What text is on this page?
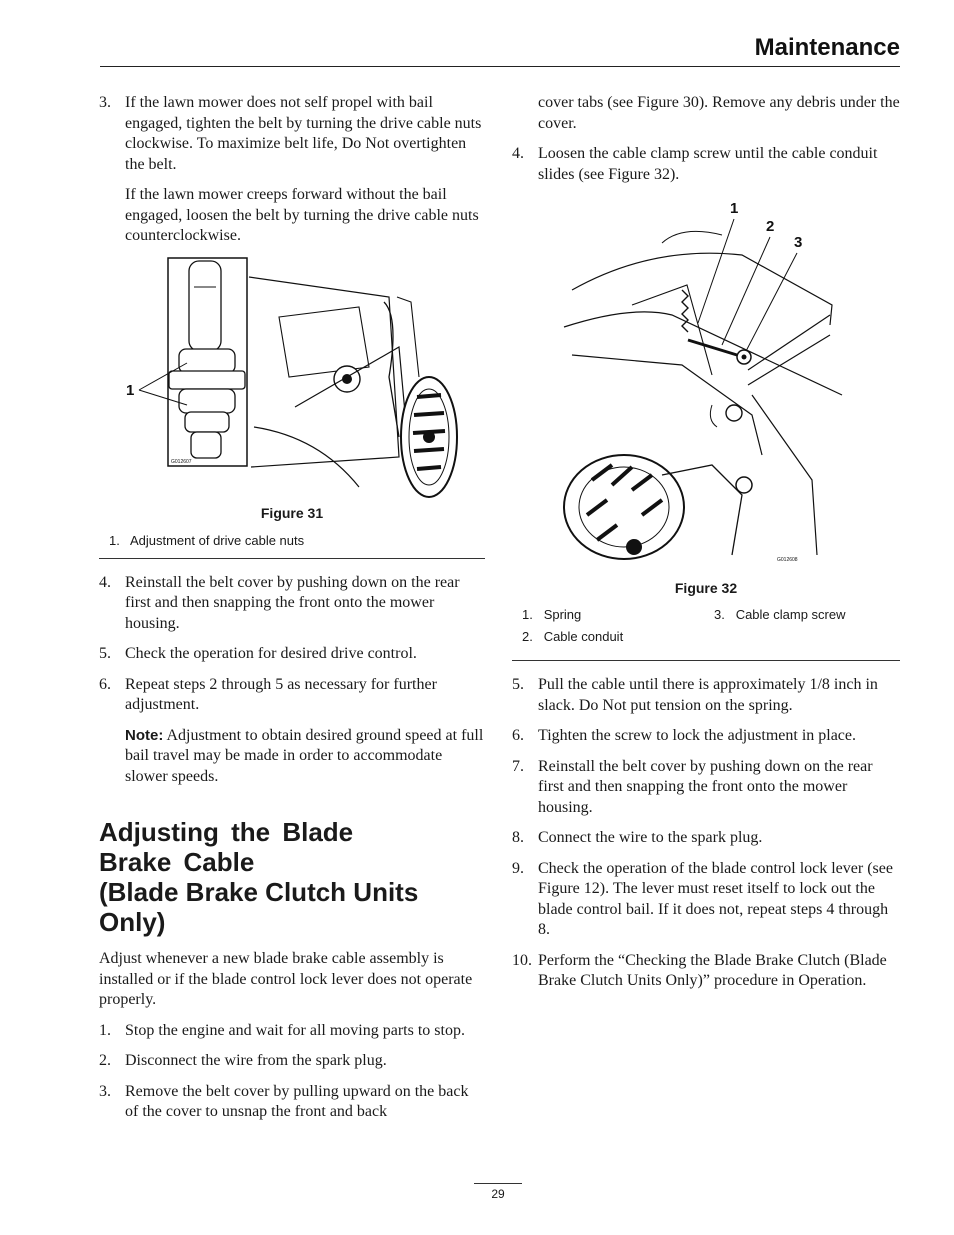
Maintenance
3. If the lawn mower does not self propel with bail engaged, tighten the belt by turning the drive cable nuts clockwise. To maximize belt life, Do Not overtighten the belt.

If the lawn mower creeps forward without the bail engaged, loosen the belt by turning the drive cable nuts counterclockwise.

G012607
1
Figure 31
1. Adjustment of drive cable nuts
4. Reinstall the belt cover by pushing down on the rear first and then snapping the front onto the mower housing.
5. Check the operation for desired drive control.
6. Repeat steps 2 through 5 as necessary for further adjustment.

Note: Adjustment to obtain desired ground speed at full bail travel may be made in order to accommodate slower speeds.

Adjusting the Blade
Brake Cable
(Blade Brake Clutch Units
Only)

Adjust whenever a new blade brake cable assembly is installed or if the blade control lock lever does not operate properly.

1. Stop the engine and wait for all moving parts to stop.
2. Disconnect the wire from the spark plug.
3. Remove the belt cover by pulling upward on the back of the cover to unsnap the front and back

cover tabs (see Figure 30). Remove any debris under the cover.

4. Loosen the cable clamp screw until the cable conduit slides (see Figure 32).
1
2
3
G012608
Figure 32
1. Spring
2. Cable conduit
3. Cable clamp screw
5. Pull the cable until there is approximately 1/8 inch in slack. Do Not put tension on the spring.
6. Tighten the screw to lock the adjustment in place.
7. Reinstall the belt cover by pushing down on the rear first and then snapping the front onto the mower housing.
8. Connect the wire to the spark plug.
9. Check the operation of the blade control lock lever (see Figure 12). The lever must reset itself to lock out the blade control bail. If it does not, repeat steps 4 through 8.
10. Perform the “Checking the Blade Brake Clutch (Blade Brake Clutch Units Only)” procedure in Operation.
29
